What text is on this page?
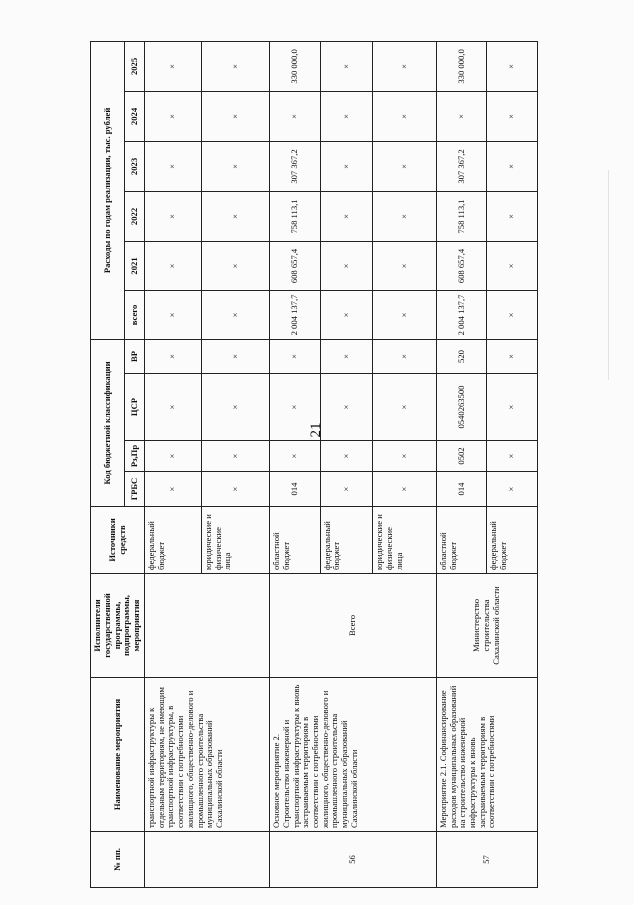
21
№ пп.	Наименование мероприятия	Исполнители государственной программы, подпрограммы, мероприятия	Источники средств	Код бюджетной классификации				Расходы по годам реализации, тыс. рублей					
				ГРБС	Рз,Пр	ЦСР	ВР	всего	2021	2022	2023	2024	2025
	транспортной инфраструктуры к отдельным территориям, не имеющим транспортной инфраструктуры, в соответствии с потребностями жилищного, общественно-делового и промышленного строительства муниципальных образований Сахалинской области		федеральный бюджет	×	×	×	×	×	×	×	×	×	×
			юридические и физические лица	×	×	×	×	×	×	×	×	×	×
56	Основное мероприятие 2. Строительство инженерной и транспортной инфраструктуры к вновь застраиваемым территориям в соответствии с потребностями жилищного, общественно-делового и промышленного строительства муниципальных образований Сахалинской области	Всего	областной бюджет	014	×	×	×	2 004 137,7	608 657,4	758 113,1	307 367,2	×	330 000,0
			федеральный бюджет	×	×	×	×	×	×	×	×	×	×
			юридические и физические лица	×	×	×	×	×	×	×	×	×	×
57	Мероприятие 2.1. Софинансирование расходов муниципальных образований на строительство инженерной инфраструктуры к вновь застраиваемым территориям в соответствии с потребностями	Министерство строительства Сахалинской области	областной бюджет	014	0502	0540263500	520	2 004 137,7	608 657,4	758 113,1	307 367,2	×	330 000,0
			федеральный бюджет	×	×	×	×	×	×	×	×	×	×
